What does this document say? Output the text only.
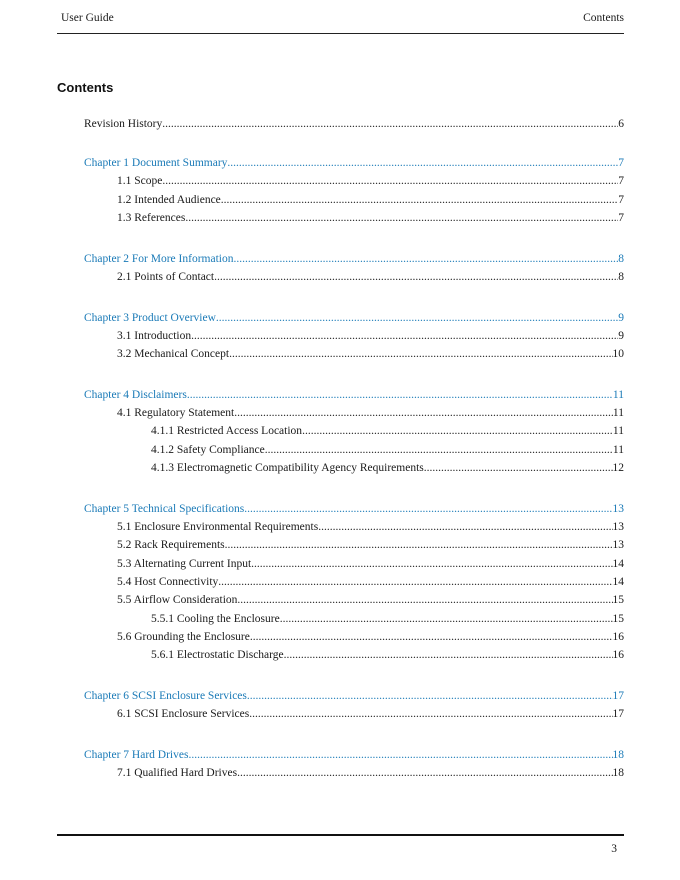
User Guide	Contents
Contents
Revision History .....	6
Chapter 1 Document Summary .....	7
1.1 Scope .....	7
1.2 Intended Audience .....	7
1.3 References .....	7
Chapter 2 For More Information .....	8
2.1 Points of Contact .....	8
Chapter 3 Product Overview .....	9
3.1 Introduction .....	9
3.2 Mechanical Concept .....	10
Chapter 4 Disclaimers .....	11
4.1 Regulatory Statement .....	11
4.1.1 Restricted Access Location .....	11
4.1.2 Safety Compliance .....	11
4.1.3 Electromagnetic Compatibility Agency Requirements .....	12
Chapter 5 Technical Specifications .....	13
5.1 Enclosure Environmental Requirements .....	13
5.2 Rack Requirements .....	13
5.3 Alternating Current Input .....	14
5.4 Host Connectivity .....	14
5.5 Airflow Consideration .....	15
5.5.1 Cooling the Enclosure .....	15
5.6 Grounding the Enclosure .....	16
5.6.1 Electrostatic Discharge .....	16
Chapter 6 SCSI Enclosure Services .....	17
6.1 SCSI Enclosure Services .....	17
Chapter 7 Hard Drives .....	18
7.1 Qualified Hard Drives .....	18
3
